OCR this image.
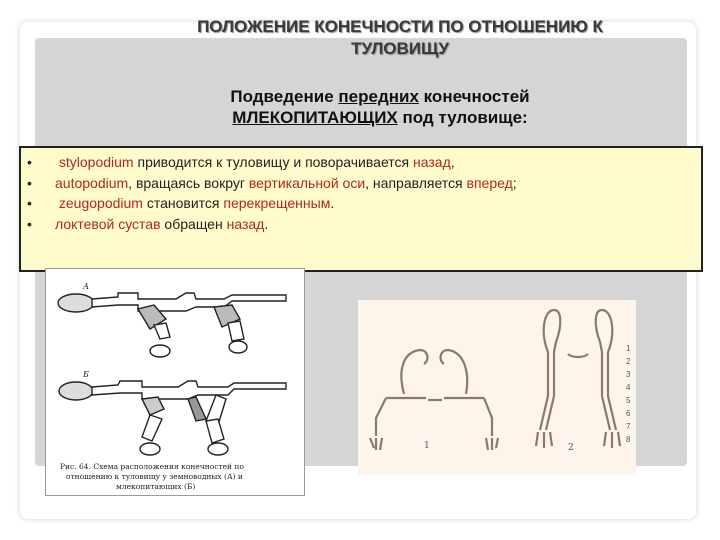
ПОЛОЖЕНИЕ КОНЕЧНОСТИ ПО ОТНОШЕНИЮ К
ТУЛОВИЩУ
Подведение передних конечностей
МЛЕКОПИТАЮЩИХ под туловище:
•	stylopodium приводится к туловищу и поворачивается назад,
•	autopodium, вращаясь вокруг вертикальной оси, направляется вперед;
•	zeugopodium становится перекрещенным.
•	локтевой сустав обращен назад.
А
Б
Рис. 64. Схема расположения конечностей по
отношению к туловищу у земноводных (А) и
млекопитающих (Б)
1	2
1
2
3
4
5
6
7
8
